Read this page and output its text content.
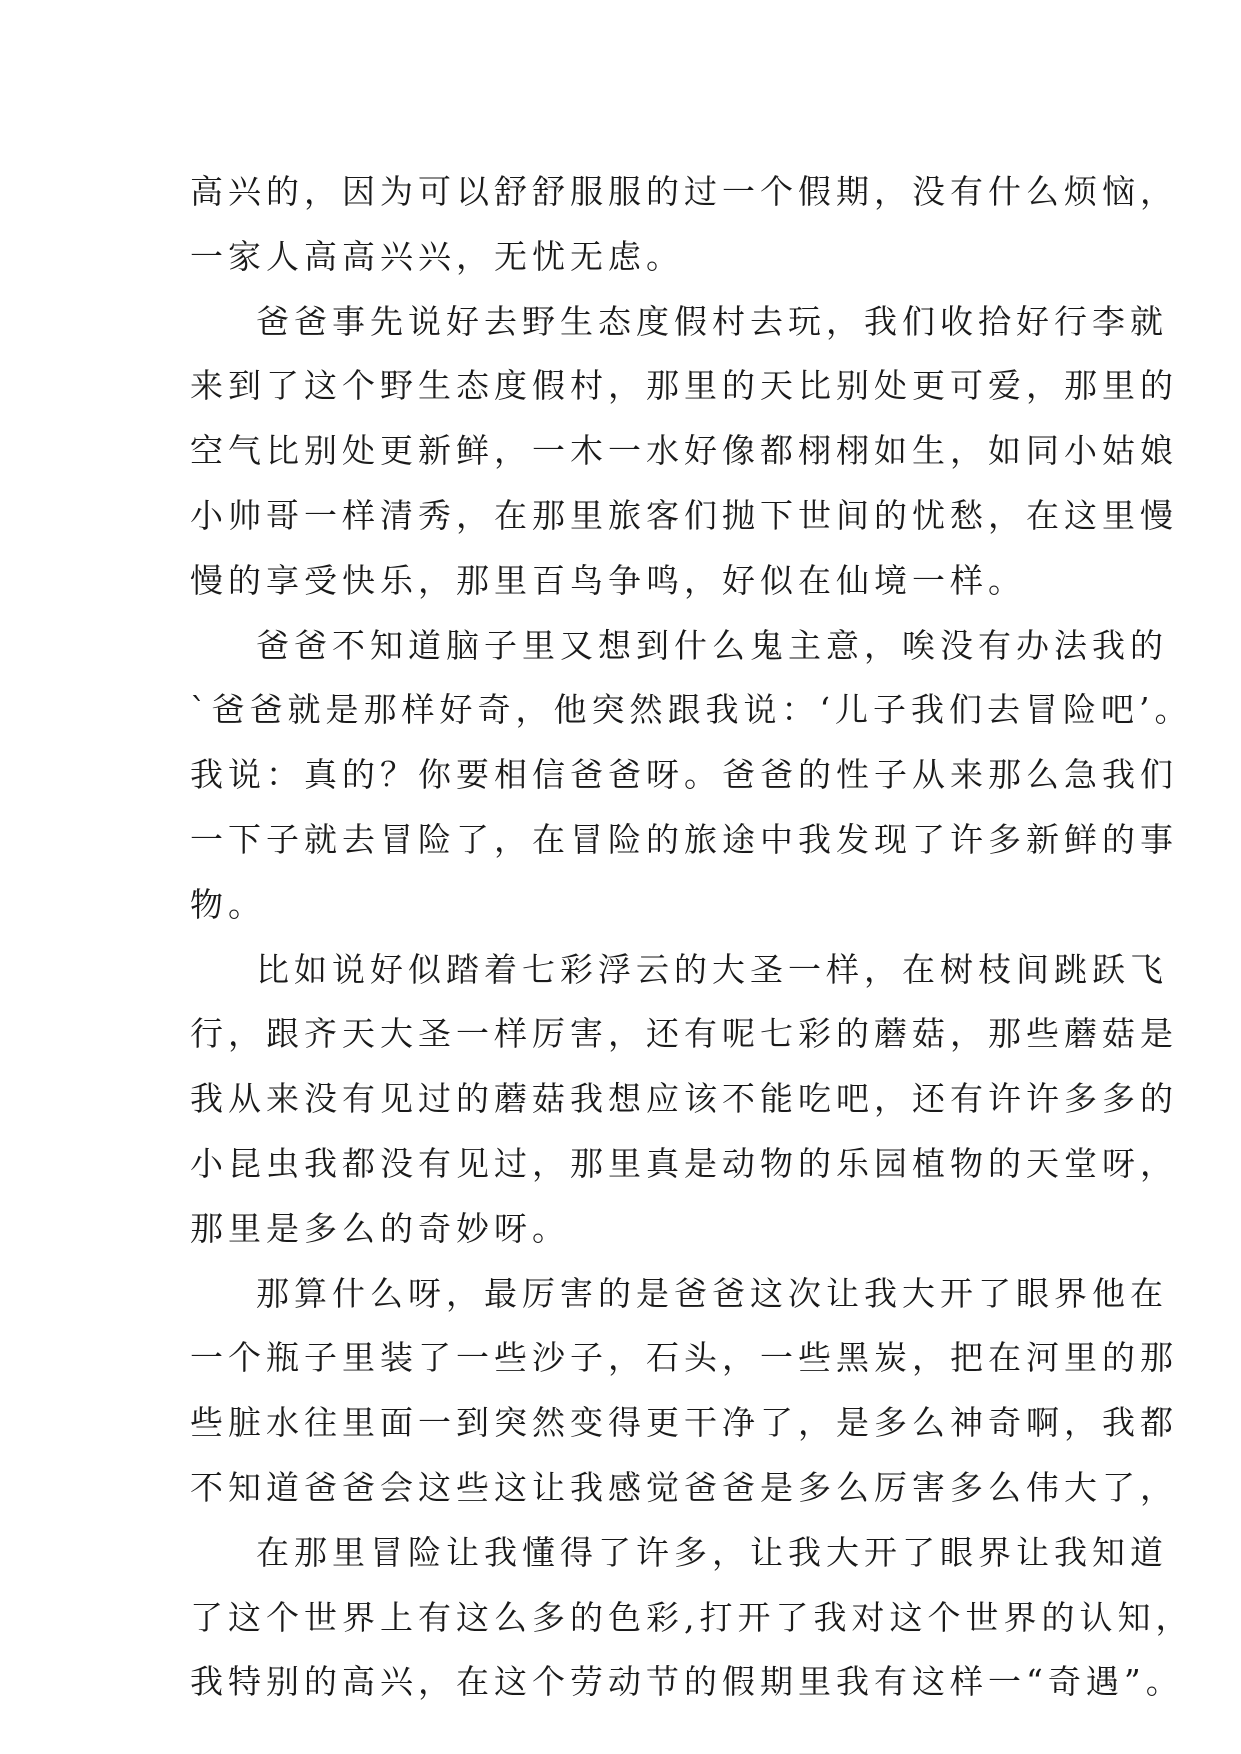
高兴的，因为可以舒舒服服的过一个假期，没有什么烦恼，
一家人高高兴兴，无忧无虑。
爸爸事先说好去野生态度假村去玩，我们收拾好行李就
来到了这个野生态度假村，那里的天比别处更可爱，那里的
空气比别处更新鲜，一木一水好像都栩栩如生，如同小姑娘
小帅哥一样清秀，在那里旅客们抛下世间的忧愁，在这里慢
慢的享受快乐，那里百鸟争鸣，好似在仙境一样。
爸爸不知道脑子里又想到什么鬼主意，唉没有办法我的
`爸爸就是那样好奇，他突然跟我说：‘儿子我们去冒险吧’。
我说：真的？你要相信爸爸呀。爸爸的性子从来那么急我们
一下子就去冒险了，在冒险的旅途中我发现了许多新鲜的事
物。
比如说好似踏着七彩浮云的大圣一样，在树枝间跳跃飞
行，跟齐天大圣一样厉害，还有呢七彩的蘑菇，那些蘑菇是
我从来没有见过的蘑菇我想应该不能吃吧，还有许许多多的
小昆虫我都没有见过，那里真是动物的乐园植物的天堂呀，
那里是多么的奇妙呀。
那算什么呀，最厉害的是爸爸这次让我大开了眼界他在
一个瓶子里装了一些沙子，石头，一些黑炭，把在河里的那
些脏水往里面一到突然变得更干净了，是多么神奇啊，我都
不知道爸爸会这些这让我感觉爸爸是多么厉害多么伟大了，
在那里冒险让我懂得了许多，让我大开了眼界让我知道
了这个世界上有这么多的色彩,打开了我对这个世界的认知，
我特别的高兴，在这个劳动节的假期里我有这样一“奇遇”。
